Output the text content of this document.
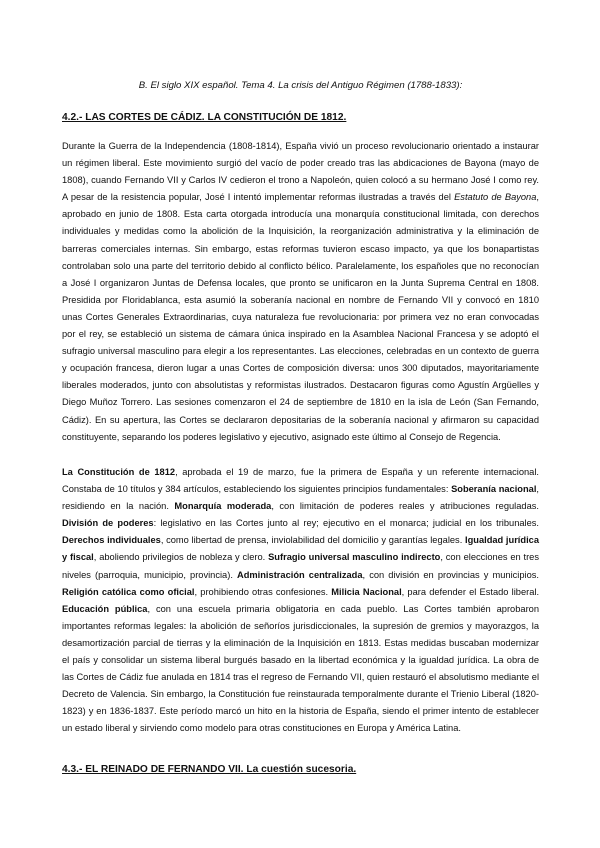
B. El siglo XIX español. Tema 4. La crisis del Antiguo Régimen (1788-1833):
4.2.- LAS CORTES DE CÁDIZ. LA CONSTITUCIÓN DE 1812.

Durante la Guerra de la Independencia (1808-1814), España vivió un proceso revolucionario orientado a instaurar un régimen liberal. Este movimiento surgió del vacío de poder creado tras las abdicaciones de Bayona (mayo de 1808), cuando Fernando VII y Carlos IV cedieron el trono a Napoleón, quien colocó a su hermano José I como rey. A pesar de la resistencia popular, José I intentó implementar reformas ilustradas a través del Estatuto de Bayona, aprobado en junio de 1808. Esta carta otorgada introducía una monarquía constitucional limitada, con derechos individuales y medidas como la abolición de la Inquisición, la reorganización administrativa y la eliminación de barreras comerciales internas. Sin embargo, estas reformas tuvieron escaso impacto, ya que los bonapartistas controlaban solo una parte del territorio debido al conflicto bélico. Paralelamente, los españoles que no reconocían a José I organizaron Juntas de Defensa locales, que pronto se unificaron en la Junta Suprema Central en 1808. Presidida por Floridablanca, esta asumió la soberanía nacional en nombre de Fernando VII y convocó en 1810 unas Cortes Generales Extraordinarias, cuya naturaleza fue revolucionaria: por primera vez no eran convocadas por el rey, se estableció un sistema de cámara única inspirado en la Asamblea Nacional Francesa y se adoptó el sufragio universal masculino para elegir a los representantes. Las elecciones, celebradas en un contexto de guerra y ocupación francesa, dieron lugar a unas Cortes de composición diversa: unos 300 diputados, mayoritariamente liberales moderados, junto con absolutistas y reformistas ilustrados. Destacaron figuras como Agustín Argüelles y Diego Muñoz Torrero. Las sesiones comenzaron el 24 de septiembre de 1810 en la isla de León (San Fernando, Cádiz). En su apertura, las Cortes se declararon depositarias de la soberanía nacional y afirmaron su capacidad constituyente, separando los poderes legislativo y ejecutivo, asignado este último al Consejo de Regencia.

La Constitución de 1812, aprobada el 19 de marzo, fue la primera de España y un referente internacional. Constaba de 10 títulos y 384 artículos, estableciendo los siguientes principios fundamentales: Soberanía nacional, residiendo en la nación. Monarquía moderada, con limitación de poderes reales y atribuciones reguladas. División de poderes: legislativo en las Cortes junto al rey; ejecutivo en el monarca; judicial en los tribunales. Derechos individuales, como libertad de prensa, inviolabilidad del domicilio y garantías legales. Igualdad jurídica y fiscal, aboliendo privilegios de nobleza y clero. Sufragio universal masculino indirecto, con elecciones en tres niveles (parroquia, municipio, provincia). Administración centralizada, con división en provincias y municipios. Religión católica como oficial, prohibiendo otras confesiones. Milicia Nacional, para defender el Estado liberal. Educación pública, con una escuela primaria obligatoria en cada pueblo. Las Cortes también aprobaron importantes reformas legales: la abolición de señoríos jurisdiccionales, la supresión de gremios y mayorazgos, la desamortización parcial de tierras y la eliminación de la Inquisición en 1813. Estas medidas buscaban modernizar el país y consolidar un sistema liberal burgués basado en la libertad económica y la igualdad jurídica. La obra de las Cortes de Cádiz fue anulada en 1814 tras el regreso de Fernando VII, quien restauró el absolutismo mediante el Decreto de Valencia. Sin embargo, la Constitución fue reinstaurada temporalmente durante el Trienio Liberal (1820-1823) y en 1836-1837. Este período marcó un hito en la historia de España, siendo el primer intento de establecer un estado liberal y sirviendo como modelo para otras constituciones en Europa y América Latina.

4.3.- EL REINADO DE FERNANDO VII. La cuestión sucesoria.
